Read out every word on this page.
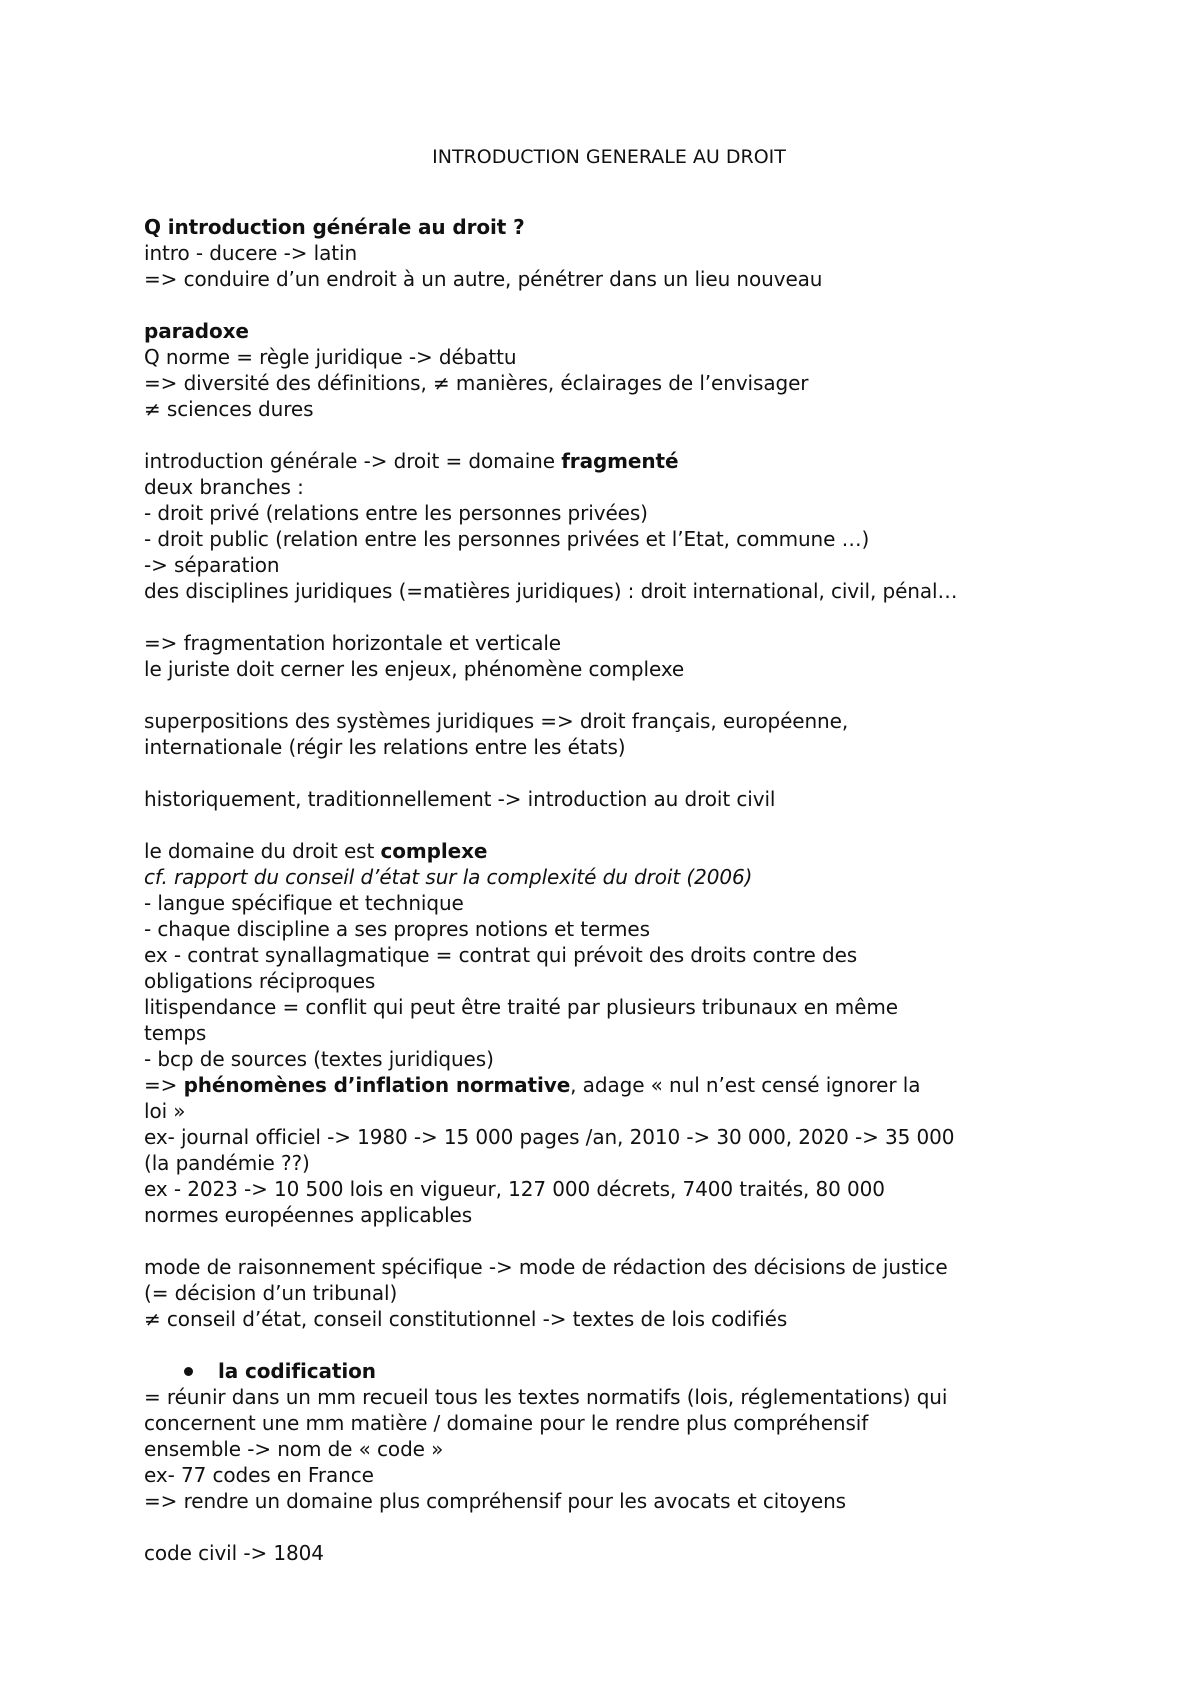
INTRODUCTION GENERALE AU DROIT
Q introduction générale au droit ?
intro - ducere -> latin
=> conduire d’un endroit à un autre, pénétrer dans un lieu nouveau
paradoxe
Q norme = règle juridique -> débattu
=> diversité des définitions, ≠ manières, éclairages de l’envisager
≠ sciences dures
introduction générale -> droit = domaine fragmenté
deux branches :
- droit privé (relations entre les personnes privées)
- droit public (relation entre les personnes privées et l’Etat, commune …)
-> séparation
des disciplines juridiques (=matières juridiques) : droit international, civil, pénal…
=> fragmentation horizontale et verticale
le juriste doit cerner les enjeux, phénomène complexe
superpositions des systèmes juridiques => droit français, européenne,
internationale (régir les relations entre les états)
historiquement, traditionnellement -> introduction au droit civil
le domaine du droit est complexe
cf. rapport du conseil d’état sur la complexité du droit (2006)
- langue spécifique et technique
- chaque discipline a ses propres notions et termes
ex - contrat synallagmatique = contrat qui prévoit des droits contre des
obligations réciproques
litispendance = conflit qui peut être traité par plusieurs tribunaux en même
temps
- bcp de sources (textes juridiques)
=> phénomènes d’inflation normative, adage « nul n’est censé ignorer la
loi »
ex- journal officiel -> 1980 -> 15 000 pages /an, 2010 -> 30 000, 2020 -> 35 000
(la pandémie ??)
ex - 2023 -> 10 500 lois en vigueur, 127 000 décrets, 7400 traités, 80 000
normes européennes applicables
mode de raisonnement spécifique -> mode de rédaction des décisions de justice
(= décision d’un tribunal)
≠ conseil d’état, conseil constitutionnel -> textes de lois codifiés
la codification
= réunir dans un mm recueil tous les textes normatifs (lois, réglementations) qui
concernent une mm matière / domaine pour le rendre plus compréhensif
ensemble -> nom de « code »
ex- 77 codes en France
=> rendre un domaine plus compréhensif pour les avocats et citoyens
code civil -> 1804
